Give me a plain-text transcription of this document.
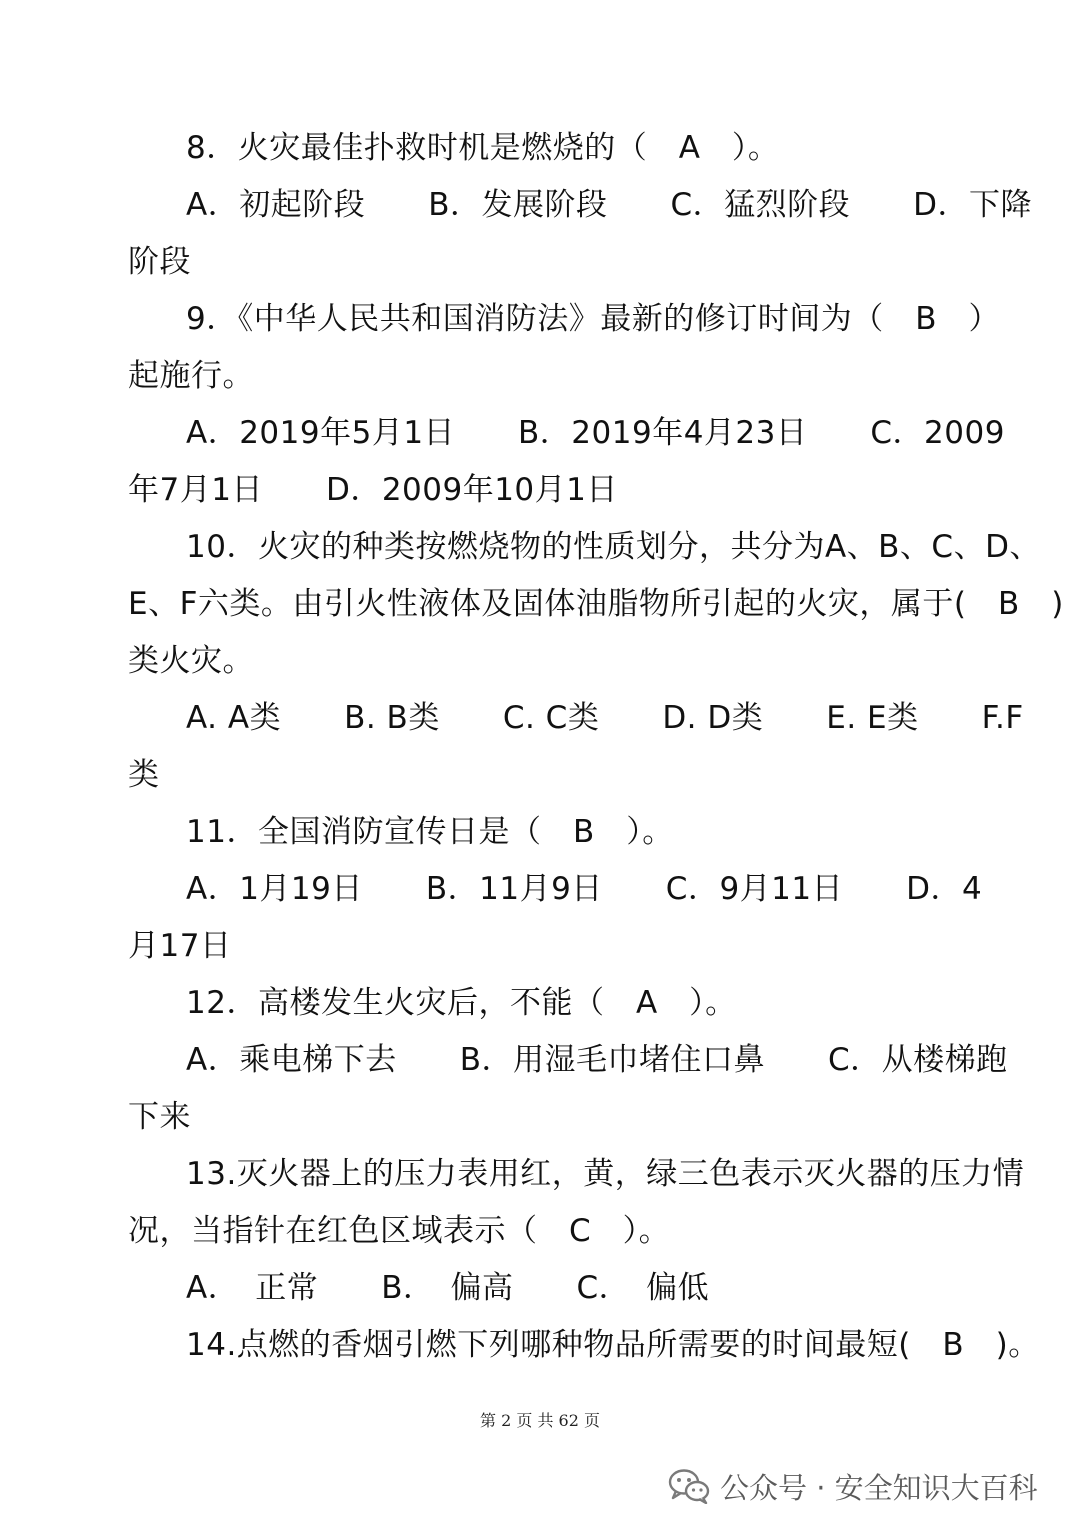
8．火灾最佳扑救时机是燃烧的（　A　）。
A．初起阶段　　B．发展阶段　　C．猛烈阶段　　D．下降
阶段
9．《中华人民共和国消防法》最新的修订时间为（　B　）
起施行。
A．2019年5月1日　　B．2019年4月23日　　C．2009
年7月1日　　D．2009年10月1日
10．火灾的种类按燃烧物的性质划分，共分为A、B、C、D、
E、F六类。由引火性液体及固体油脂物所引起的火灾，属于(　B　)
类火灾。
A. A类　　B. B类　　C. C类　　D. D类　　E. E类　　F.F
类
11．全国消防宣传日是（　B　）。
A．1月19日　　B．11月9日　　C．9月11日　　D．4
月17日
12．高楼发生火灾后，不能（　A　）。
A．乘电梯下去　　B．用湿毛巾堵住口鼻　　C．从楼梯跑
下来
13.灭火器上的压力表用红，黄，绿三色表示灭火器的压力情
况，当指针在红色区域表示（　C　）。
A．　正常　　B．　偏高　　C．　偏低
14.点燃的香烟引燃下列哪种物品所需要的时间最短(　B　)。
第 2 页 共 62 页
公众号 · 安全知识大百科
